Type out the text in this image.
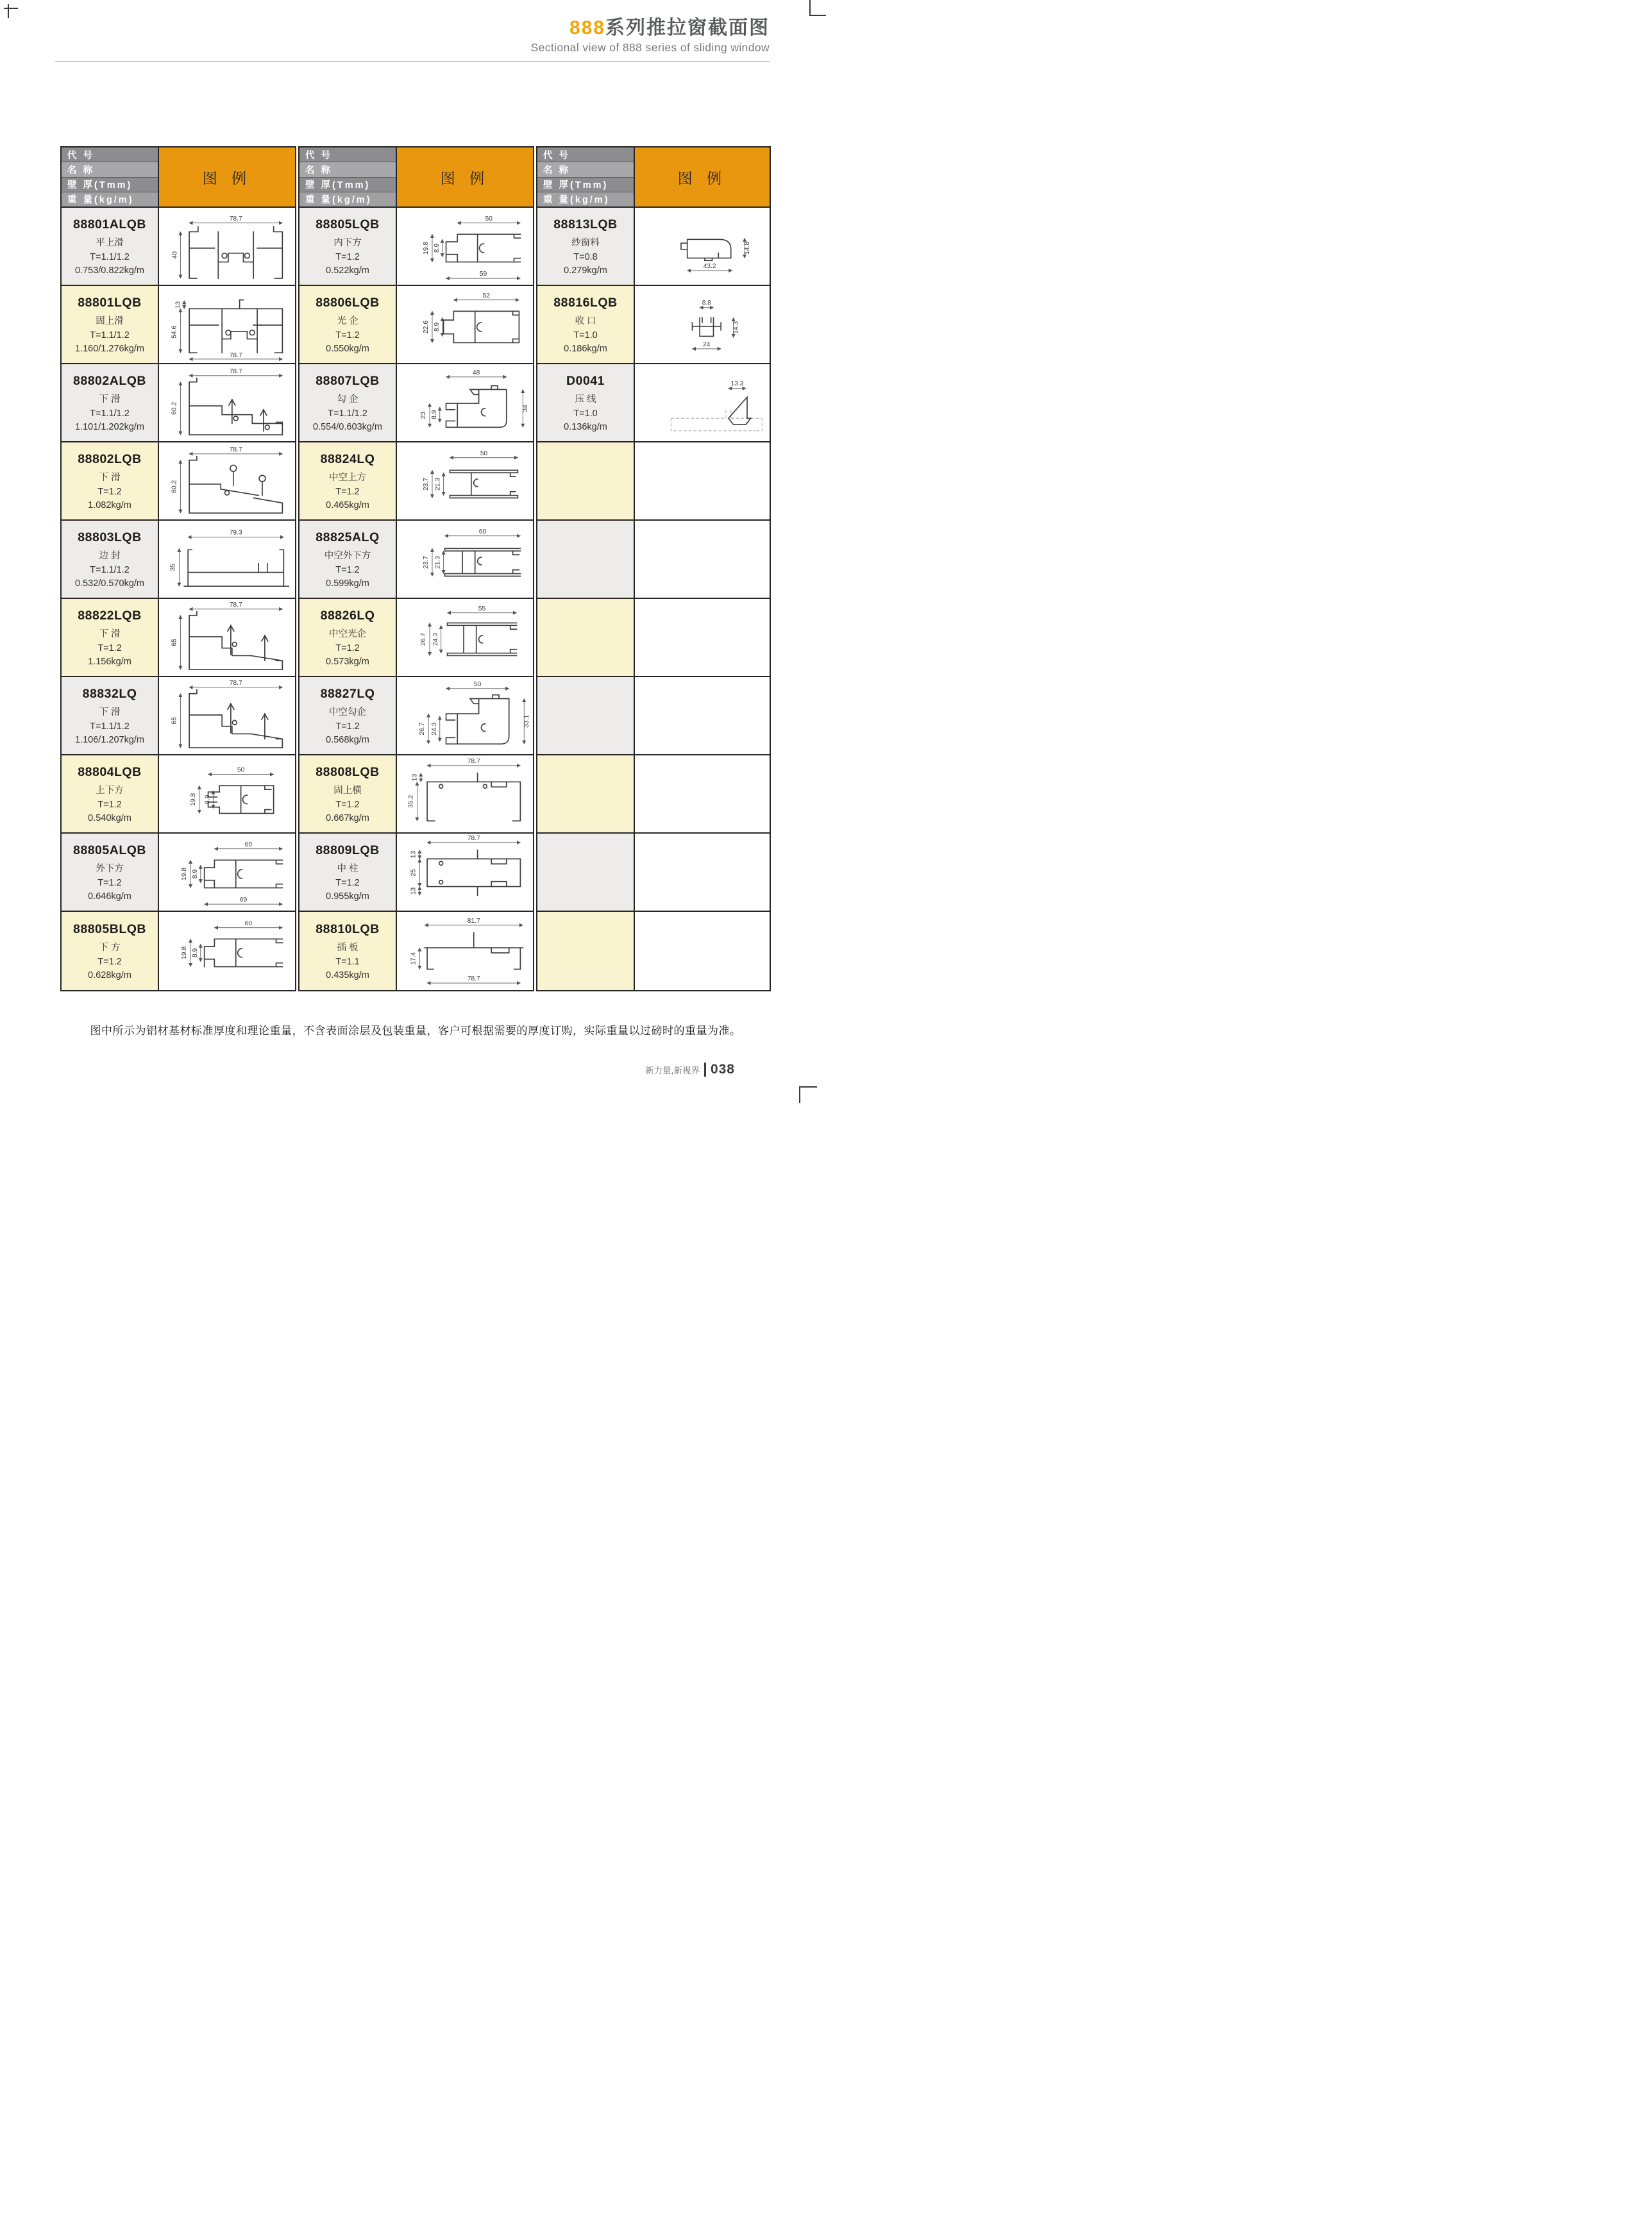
888系列推拉窗截面图
Sectional view of 888 series of sliding window
代 号
名 称
壁 厚(Tmm)
重 量(kg/m)
图 例
88801ALQB
平上滑
T=1.1/1.2
0.753/0.822kg/m
78.7
40
88801LQB
固上滑
T=1.1/1.2
1.160/1.276kg/m
13
54.6
78.7
88802ALQB
下 滑
T=1.1/1.2
1.101/1.202kg/m
78.7
60.2
88802LQB
下 滑
T=1.2
1.082kg/m
78.7
60.2
88803LQB
边 封
T=1.1/1.2
0.532/0.570kg/m
79.3
35
88822LQB
下 滑
T=1.2
1.156kg/m
78.7
65
88832LQ
下 滑
T=1.1/1.2
1.106/1.207kg/m
78.7
65
88804LQB
上下方
T=1.2
0.540kg/m
50
19.8 8.9
88805ALQB
外下方
T=1.2
0.646kg/m
60
19.8 8.9
69
88805BLQB
下 方
T=1.2
0.628kg/m
60
19.8 8.9
代 号
名 称
壁 厚(Tmm)
重 量(kg/m)
图 例
88805LQB
内下方
T=1.2
0.522kg/m
50
19.8 8.9
59
88806LQB
光 企
T=1.2
0.550kg/m
52
22.6 8.9
88807LQB
勾 企
T=1.1/1.2
0.554/0.603kg/m
48
23 8.9
34
88824LQ
中空上方
T=1.2
0.465kg/m
50
23.7 21.3
88825ALQ
中空外下方
T=1.2
0.599kg/m
60
23.7 21.3
88826LQ
中空光企
T=1.2
0.573kg/m
55
26.7 24.3
88827LQ
中空勾企
T=1.2
0.568kg/m
50
26.7 24.3
33.1
88808LQB
固上横
T=1.2
0.667kg/m
78.7
13
35.2
88809LQB
中 柱
T=1.2
0.955kg/m
78.7
13
25
13
88810LQB
插 板
T=1.1
0.435kg/m
81.7
17.4
78.7
代 号
名 称
壁 厚(Tmm)
重 量(kg/m)
图 例
88813LQB
纱窗料
T=0.8
0.279kg/m
14.8
43.2
88816LQB
收 口
T=1.0
0.186kg/m
8.8
14.3
24
D0041
压 线
T=1.0
0.136kg/m
13.3

图中所示为铝材基材标准厚度和理论重量，不含表面涂层及包装重量，客户可根据需要的厚度订购，实际重量以过磅时的重量为准。

新力量,新视界 038
